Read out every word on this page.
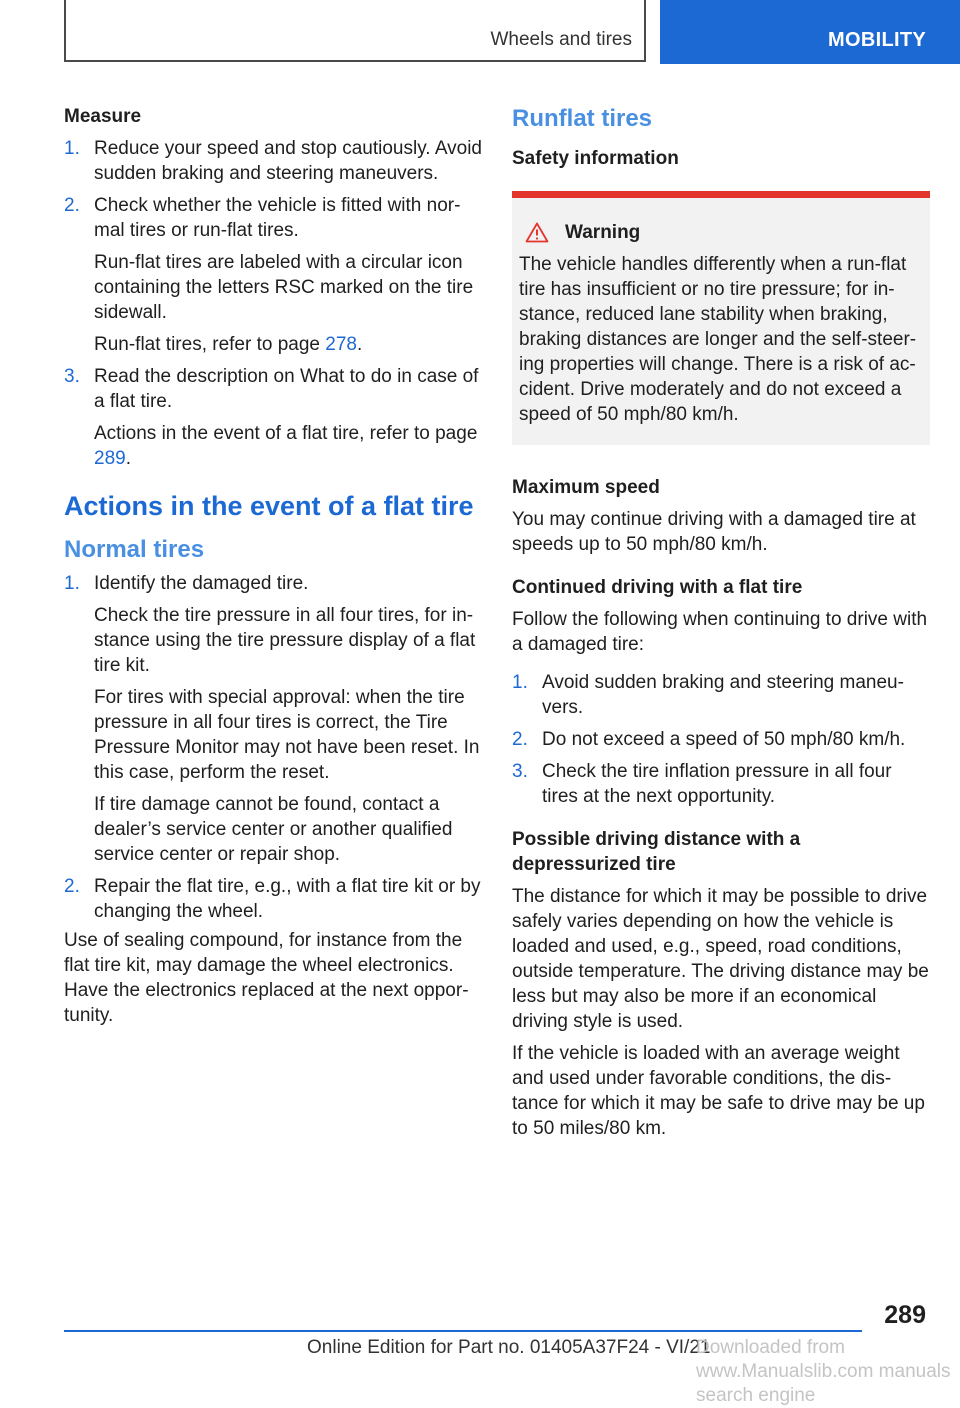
Wheels and tires	MOBILITY

Measure

1. Reduce your speed and stop cautiously. Avoid sudden braking and steering maneuvers.
2. Check whether the vehicle is fitted with normal tires or run-flat tires.
Run-flat tires are labeled with a circular icon containing the letters RSC marked on the tire sidewall.
Run-flat tires, refer to page 278.
3. Read the description on What to do in case of a flat tire.
Actions in the event of a flat tire, refer to page 289.
Actions in the event of a flat tire
Normal tires
1. Identify the damaged tire.
Check the tire pressure in all four tires, for instance using the tire pressure display of a flat tire kit.
For tires with special approval: when the tire pressure in all four tires is correct, the Tire Pressure Monitor may not have been reset. In this case, perform the reset.
If tire damage cannot be found, contact a dealer’s service center or another qualified service center or repair shop.
2. Repair the flat tire, e.g., with a flat tire kit or by changing the wheel.

Use of sealing compound, for instance from the flat tire kit, may damage the wheel electronics. Have the electronics replaced at the next opportunity.

Runflat tires

Safety information

Warning

The vehicle handles differently when a run-flat tire has insufficient or no tire pressure; for instance, reduced lane stability when braking, braking distances are longer and the self-steering properties will change. There is a risk of accident. Drive moderately and do not exceed a speed of 50 mph/80 km/h.

Maximum speed

You may continue driving with a damaged tire at speeds up to 50 mph/80 km/h.

Continued driving with a flat tire

Follow the following when continuing to drive with a damaged tire:

1. Avoid sudden braking and steering maneuvers.
2. Do not exceed a speed of 50 mph/80 km/h.
3. Check the tire inflation pressure in all four tires at the next opportunity.

Possible driving distance with a depressurized tire

The distance for which it may be possible to drive safely varies depending on how the vehicle is loaded and used, e.g., speed, road conditions, outside temperature. The driving distance may be less but may also be more if an economical driving style is used.

If the vehicle is loaded with an average weight and used under favorable conditions, the distance for which it may be safe to drive may be up to 50 miles/80 km.

289
Online Edition for Part no. 01405A37F24 - VI/21
Downloaded from www.Manualslib.com manuals search engine
